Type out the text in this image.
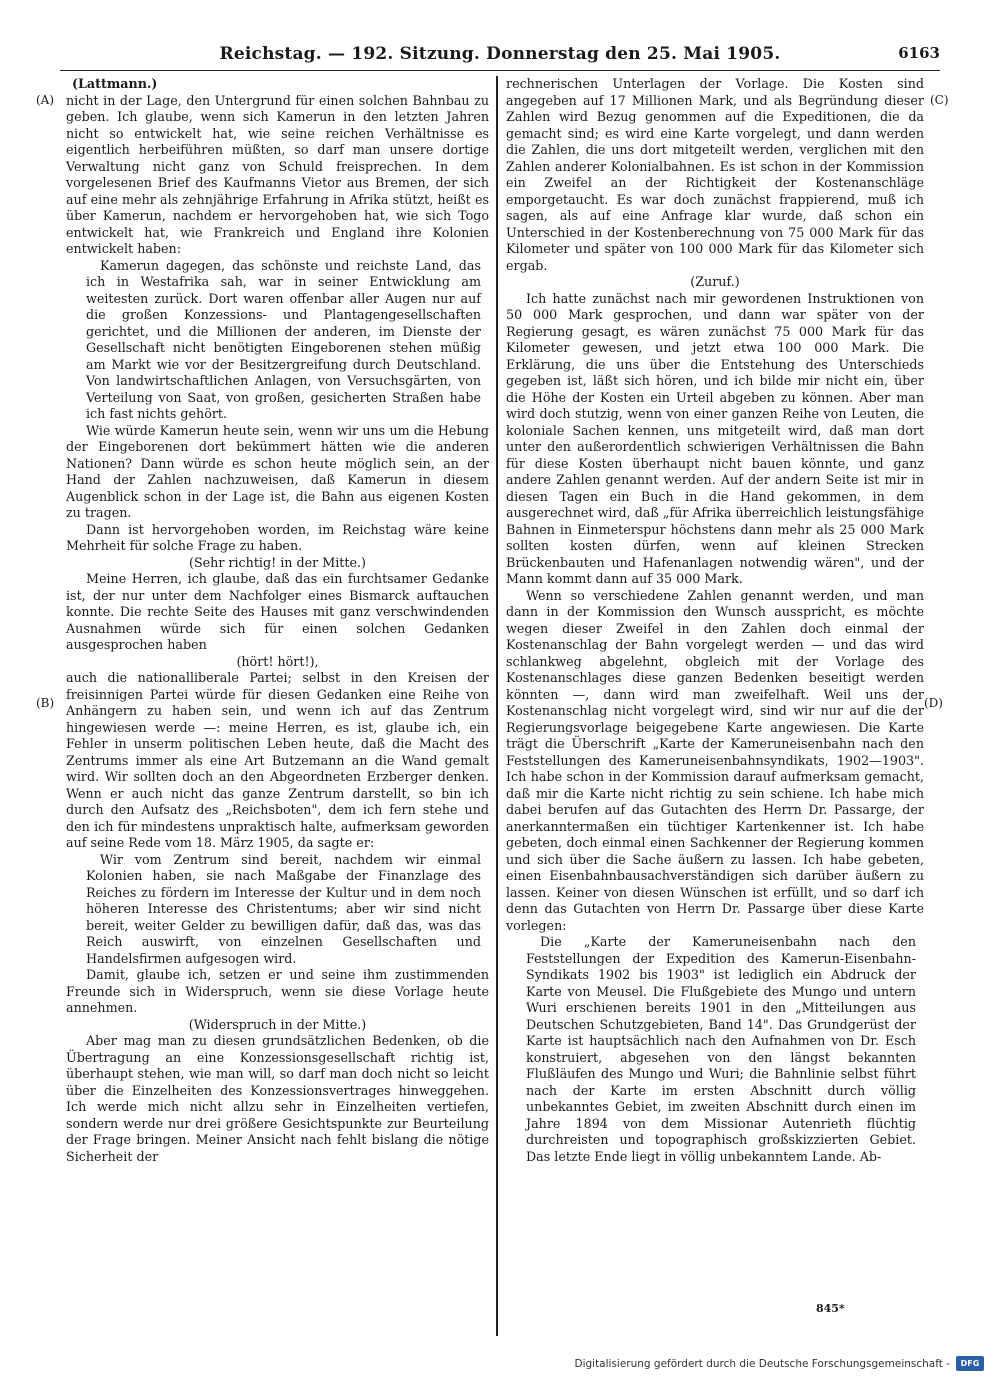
Reichstag. — 192. Sitzung. Donnerstag den 25. Mai 1905.	6163
(A)
(B)
(C)
(D)

(Lattmann.)

nicht in der Lage, den Untergrund für einen solchen Bahnbau zu geben. Ich glaube, wenn sich Kamerun in den letzten Jahren nicht so entwickelt hat, wie seine reichen Verhältnisse es eigentlich herbeiführen müßten, so darf man unsere dortige Verwaltung nicht ganz von Schuld freisprechen. In dem vorgelesenen Brief des Kaufmanns Vietor aus Bremen, der sich auf eine mehr als zehnjährige Erfahrung in Afrika stützt, heißt es über Kamerun, nachdem er hervorgehoben hat, wie sich Togo entwickelt hat, wie Frankreich und England ihre Kolonien entwickelt haben:

Kamerun dagegen, das schönste und reichste Land, das ich in Westafrika sah, war in seiner Entwicklung am weitesten zurück. Dort waren offenbar aller Augen nur auf die großen Konzessions- und Plantagengesellschaften gerichtet, und die Millionen der anderen, im Dienste der Gesellschaft nicht benötigten Eingeborenen stehen müßig am Markt wie vor der Besitzergreifung durch Deutschland. Von landwirtschaftlichen Anlagen, von Versuchsgärten, von Verteilung von Saat, von großen, gesicherten Straßen habe ich fast nichts gehört.

Wie würde Kamerun heute sein, wenn wir uns um die Hebung der Eingeborenen dort bekümmert hätten wie die anderen Nationen? Dann würde es schon heute möglich sein, an der Hand der Zahlen nachzuweisen, daß Kamerun in diesem Augenblick schon in der Lage ist, die Bahn aus eigenen Kosten zu tragen.

Dann ist hervorgehoben worden, im Reichstag wäre keine Mehrheit für solche Frage zu haben.

(Sehr richtig! in der Mitte.)

Meine Herren, ich glaube, daß das ein furchtsamer Gedanke ist, der nur unter dem Nachfolger eines Bismarck auftauchen konnte. Die rechte Seite des Hauses mit ganz verschwindenden Ausnahmen würde sich für einen solchen Gedanken ausgesprochen haben

(hört! hört!),

auch die nationalliberale Partei; selbst in den Kreisen der freisinnigen Partei würde für diesen Gedanken eine Reihe von Anhängern zu haben sein, und wenn ich auf das Zentrum hingewiesen werde —: meine Herren, es ist, glaube ich, ein Fehler in unserm politischen Leben heute, daß die Macht des Zentrums immer als eine Art Butzemann an die Wand gemalt wird. Wir sollten doch an den Abgeordneten Erzberger denken. Wenn er auch nicht das ganze Zentrum darstellt, so bin ich durch den Aufsatz des „Reichsboten", dem ich fern stehe und den ich für mindestens unpraktisch halte, aufmerksam geworden auf seine Rede vom 18. März 1905, da sagte er:

Wir vom Zentrum sind bereit, nachdem wir einmal Kolonien haben, sie nach Maßgabe der Finanzlage des Reiches zu fördern im Interesse der Kultur und in dem noch höheren Interesse des Christentums; aber wir sind nicht bereit, weiter Gelder zu bewilligen dafür, daß das, was das Reich auswirft, von einzelnen Gesellschaften und Handelsfirmen aufgesogen wird.

Damit, glaube ich, setzen er und seine ihm zustimmenden Freunde sich in Widerspruch, wenn sie diese Vorlage heute annehmen.

(Widerspruch in der Mitte.)

Aber mag man zu diesen grundsätzlichen Bedenken, ob die Übertragung an eine Konzessionsgesellschaft richtig ist, überhaupt stehen, wie man will, so darf man doch nicht so leicht über die Einzelheiten des Konzessionsvertrages hinweggehen. Ich werde mich nicht allzu sehr in Einzelheiten vertiefen, sondern werde nur drei größere Gesichtspunkte zur Beurteilung der Frage bringen. Meiner Ansicht nach fehlt bislang die nötige Sicherheit der

rechnerischen Unterlagen der Vorlage. Die Kosten sind angegeben auf 17 Millionen Mark, und als Begründung dieser Zahlen wird Bezug genommen auf die Expeditionen, die da gemacht sind; es wird eine Karte vorgelegt, und dann werden die Zahlen, die uns dort mitgeteilt werden, verglichen mit den Zahlen anderer Kolonialbahnen. Es ist schon in der Kommission ein Zweifel an der Richtigkeit der Kostenanschläge emporgetaucht. Es war doch zunächst frappierend, muß ich sagen, als auf eine Anfrage klar wurde, daß schon ein Unterschied in der Kostenberechnung von 75 000 Mark für das Kilometer und später von 100 000 Mark für das Kilometer sich ergab.

(Zuruf.)

Ich hatte zunächst nach mir gewordenen Instruktionen von 50 000 Mark gesprochen, und dann war später von der Regierung gesagt, es wären zunächst 75 000 Mark für das Kilometer gewesen, und jetzt etwa 100 000 Mark. Die Erklärung, die uns über die Entstehung des Unterschieds gegeben ist, läßt sich hören, und ich bilde mir nicht ein, über die Höhe der Kosten ein Urteil abgeben zu können. Aber man wird doch stutzig, wenn von einer ganzen Reihe von Leuten, die koloniale Sachen kennen, uns mitgeteilt wird, daß man dort unter den außerordentlich schwierigen Verhältnissen die Bahn für diese Kosten überhaupt nicht bauen könnte, und ganz andere Zahlen genannt werden. Auf der andern Seite ist mir in diesen Tagen ein Buch in die Hand gekommen, in dem ausgerechnet wird, daß „für Afrika überreichlich leistungsfähige Bahnen in Einmeterspur höchstens dann mehr als 25 000 Mark sollten kosten dürfen, wenn auf kleinen Strecken Brückenbauten und Hafenanlagen notwendig wären", und der Mann kommt dann auf 35 000 Mark.

Wenn so verschiedene Zahlen genannt werden, und man dann in der Kommission den Wunsch ausspricht, es möchte wegen dieser Zweifel in den Zahlen doch einmal der Kostenanschlag der Bahn vorgelegt werden — und das wird schlankweg abgelehnt, obgleich mit der Vorlage des Kostenanschlages diese ganzen Bedenken beseitigt werden könnten —, dann wird man zweifelhaft. Weil uns der Kostenanschlag nicht vorgelegt wird, sind wir nur auf die der Regierungsvorlage beigegebene Karte angewiesen. Die Karte trägt die Überschrift „Karte der Kameruneisenbahn nach den Feststellungen des Kameruneisenbahnsyndikats, 1902—1903". Ich habe schon in der Kommission darauf aufmerksam gemacht, daß mir die Karte nicht richtig zu sein schiene. Ich habe mich dabei berufen auf das Gutachten des Herrn Dr. Passarge, der anerkanntermaßen ein tüchtiger Kartenkenner ist. Ich habe gebeten, doch einmal einen Sachkenner der Regierung kommen und sich über die Sache äußern zu lassen. Ich habe gebeten, einen Eisenbahnbausachverständigen sich darüber äußern zu lassen. Keiner von diesen Wünschen ist erfüllt, und so darf ich denn das Gutachten von Herrn Dr. Passarge über diese Karte vorlegen:

Die „Karte der Kameruneisenbahn nach den Feststellungen der Expedition des Kamerun-Eisenbahn-Syndikats 1902 bis 1903" ist lediglich ein Abdruck der Karte von Meusel. Die Flußgebiete des Mungo und untern Wuri erschienen bereits 1901 in den „Mitteilungen aus Deutschen Schutzgebieten, Band 14". Das Grundgerüst der Karte ist hauptsächlich nach den Aufnahmen von Dr. Esch konstruiert, abgesehen von den längst bekannten Flußläufen des Mungo und Wuri; die Bahnlinie selbst führt nach der Karte im ersten Abschnitt durch völlig unbekanntes Gebiet, im zweiten Abschnitt durch einen im Jahre 1894 von dem Missionar Autenrieth flüchtig durchreisten und topographisch großskizzierten Gebiet. Das letzte Ende liegt in völlig unbekanntem Lande. Ab-

845*
Digitalisierung gefördert durch die Deutsche Forschungsgemeinschaft -	DFG
